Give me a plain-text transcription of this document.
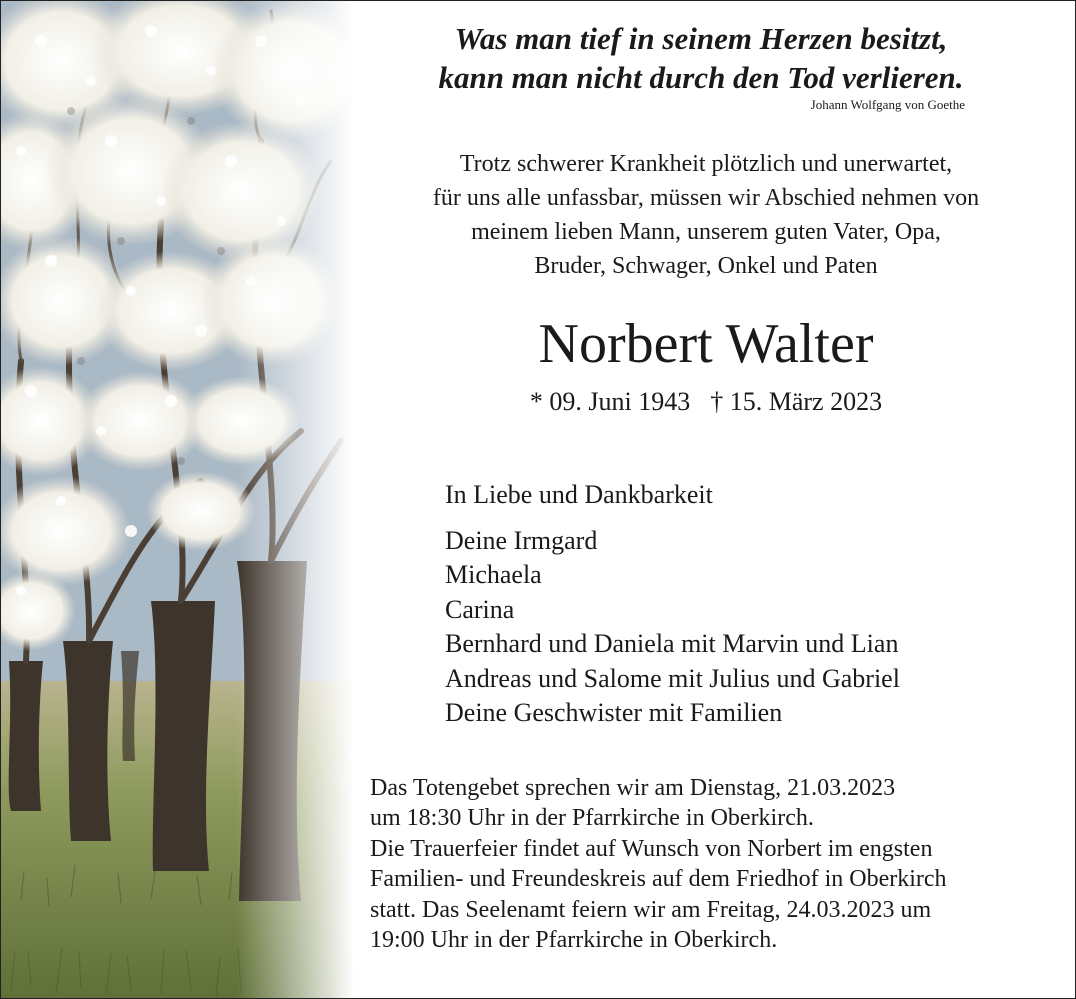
Was man tief in seinem Herzen besitzt,
kann man nicht durch den Tod verlieren.
Johann Wolfgang von Goethe
Trotz schwerer Krankheit plötzlich und unerwartet,
für uns alle unfassbar, müssen wir Abschied nehmen von
meinem lieben Mann, unserem guten Vater, Opa,
Bruder, Schwager, Onkel und Paten
Norbert Walter
* 09. Juni 1943 † 15. März 2023
In Liebe und Dankbarkeit
Deine Irmgard
Michaela
Carina
Bernhard und Daniela mit Marvin und Lian
Andreas und Salome mit Julius und Gabriel
Deine Geschwister mit Familien
Das Totengebet sprechen wir am Dienstag, 21.03.2023
um 18:30 Uhr in der Pfarrkirche in Oberkirch.
Die Trauerfeier findet auf Wunsch von Norbert im engsten
Familien- und Freundeskreis auf dem Friedhof in Oberkirch
statt. Das Seelenamt feiern wir am Freitag, 24.03.2023 um
19:00 Uhr in der Pfarrkirche in Oberkirch.
